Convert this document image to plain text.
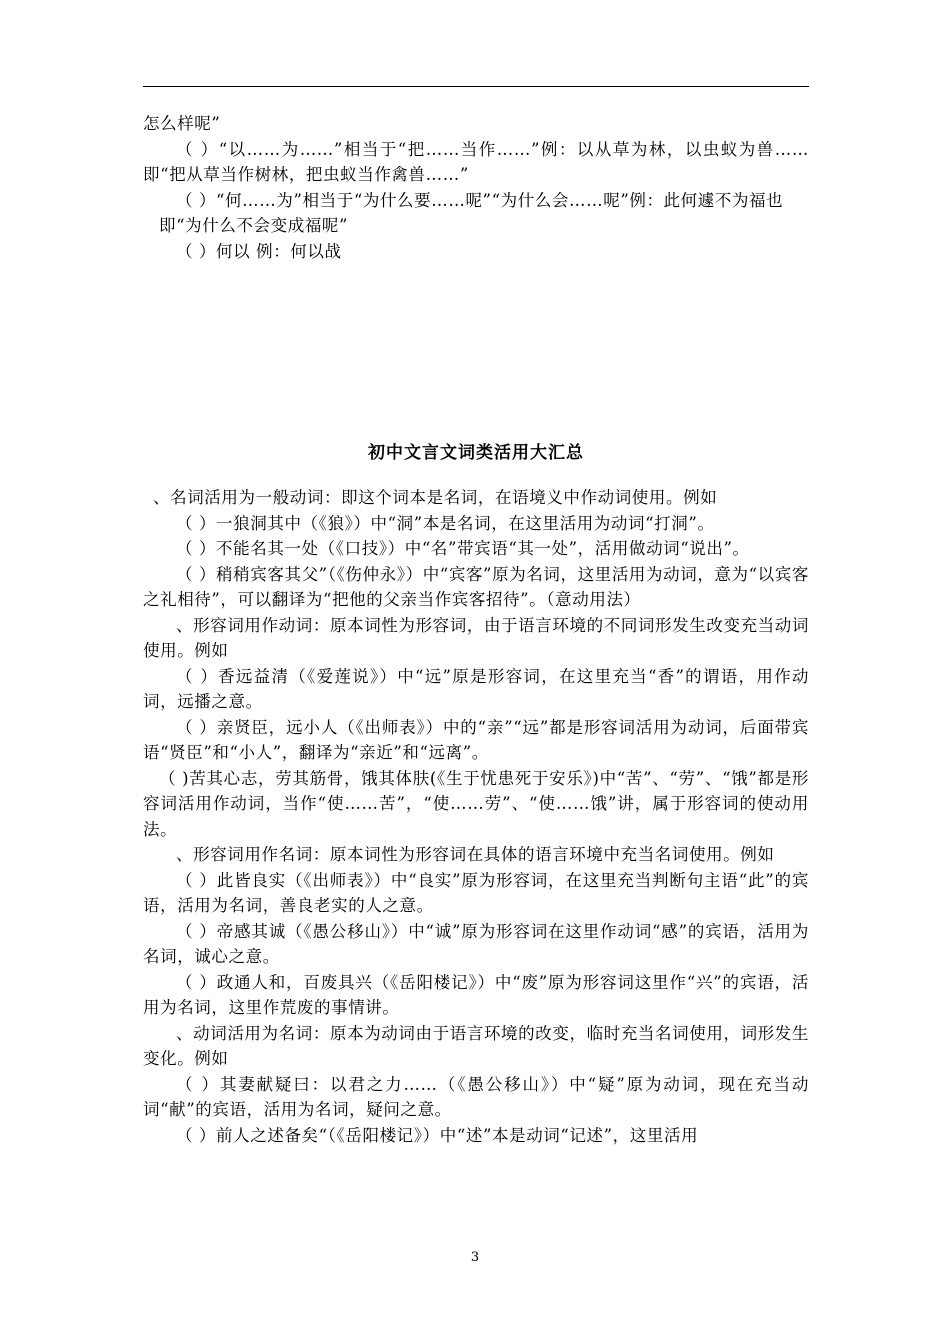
怎么样呢”

（ ）“以……为……”相当于“把……当作……”例：以从草为林，以虫蚁为兽……即“把从草当作树林，把虫蚁当作禽兽……”

（ ）“何……为”相当于“为什么要……呢”“为什么会……呢”例：此何遽不为福也

即“为什么不会变成福呢”

（ ）何以 例：何以战

初中文言文词类活用大汇总

、名词活用为一般动词：即这个词本是名词，在语境义中作动词使用。例如

（ ）一狼洞其中（《狼》）中“洞”本是名词，在这里活用为动词“打洞”。

（ ）不能名其一处（《口技》）中“名”带宾语“其一处”，活用做动词“说出”。

（ ）稍稍宾客其父”（《伤仲永》）中“宾客”原为名词，这里活用为动词，意为“以宾客之礼相待”，可以翻译为“把他的父亲当作宾客招待”。（意动用法）

、形容词用作动词：原本词性为形容词，由于语言环境的不同词形发生改变充当动词使用。例如

（ ）香远益清（《爱莲说》）中“远”原是形容词，在这里充当“香”的谓语，用作动词，远播之意。

（ ）亲贤臣，远小人（《出师表》）中的“亲”“远”都是形容词活用为动词，后面带宾语“贤臣”和“小人”，翻译为“亲近”和“远离”。

（ )苦其心志，劳其筋骨，饿其体肤(《生于忧患死于安乐》)中“苦”、“劳”、“饿”都是形容词活用作动词，当作“使……苦”，“使……劳”、“使……饿”讲，属于形容词的使动用法。

、形容词用作名词：原本词性为形容词在具体的语言环境中充当名词使用。例如

（ ）此皆良实（《出师表》）中“良实”原为形容词，在这里充当判断句主语“此”的宾语，活用为名词，善良老实的人之意。

（ ）帝感其诚（《愚公移山》）中“诚”原为形容词在这里作动词“感”的宾语，活用为名词，诚心之意。

（ ）政通人和，百废具兴（《岳阳楼记》）中“废”原为形容词这里作“兴”的宾语，活用为名词，这里作荒废的事情讲。

、动词活用为名词：原本为动词由于语言环境的改变，临时充当名词使用，词形发生变化。例如

（ ）其妻献疑曰：以君之力……（《愚公移山》）中“疑”原为动词，现在充当动词“献”的宾语，活用为名词，疑问之意。

（ ）前人之述备矣“（《岳阳楼记》）中“述”本是动词“记述”，这里活用

3
